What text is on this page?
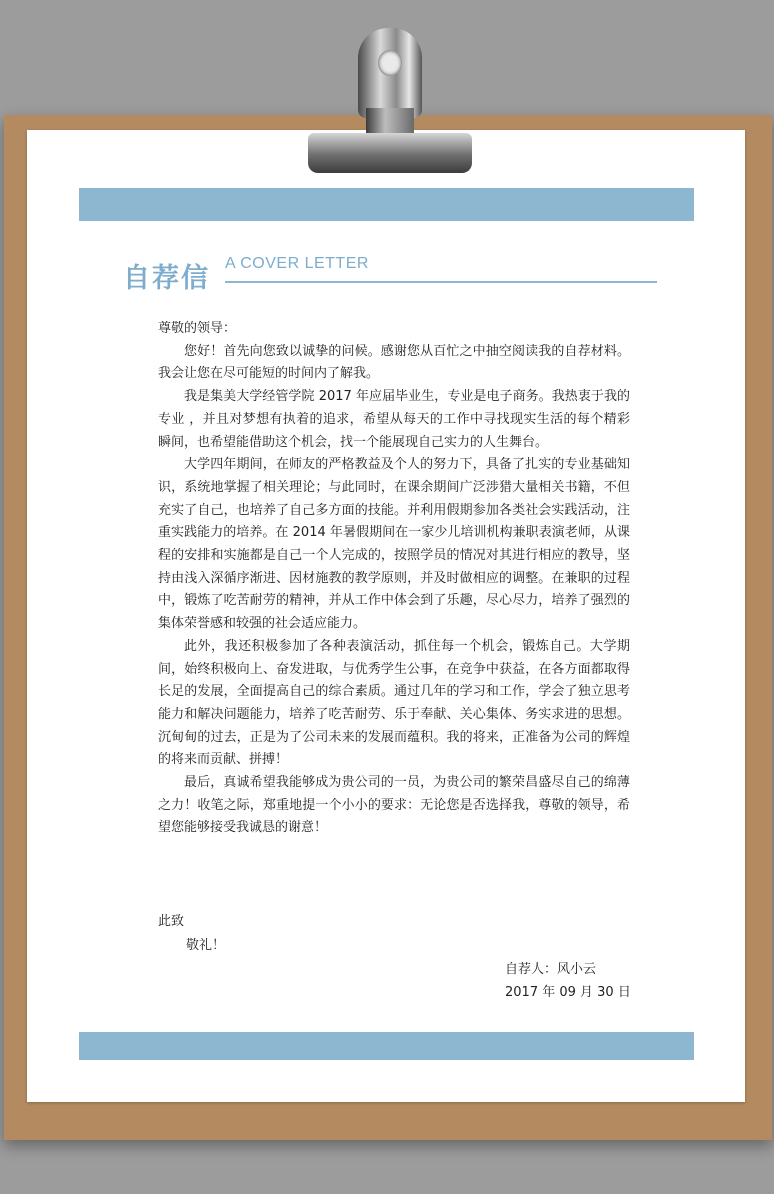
自荐信 A COVER LETTER

尊敬的领导：

您好！首先向您致以诚挚的问候。感谢您从百忙之中抽空阅读我的自荐材料。我会让您在尽可能短的时间内了解我。

我是集美大学经管学院 2017 年应届毕业生，专业是电子商务。我热衷于我的专业 ，并且对梦想有执着的追求，希望从每天的工作中寻找现实生活的每个精彩瞬间，也希望能借助这个机会，找一个能展现自己实力的人生舞台。

大学四年期间，在师友的严格教益及个人的努力下，具备了扎实的专业基础知识，系统地掌握了相关理论；与此同时，在课余期间广泛涉猎大量相关书籍，不但充实了自己，也培养了自己多方面的技能。并利用假期参加各类社会实践活动，注重实践能力的培养。在 2014 年暑假期间在一家少儿培训机构兼职表演老师，从课程的安排和实施都是自己一个人完成的，按照学员的情况对其进行相应的教导，坚持由浅入深循序渐进、因材施教的教学原则，并及时做相应的调整。在兼职的过程中，锻炼了吃苦耐劳的精神，并从工作中体会到了乐趣，尽心尽力，培养了强烈的集体荣誉感和较强的社会适应能力。

此外，我还积极参加了各种表演活动，抓住每一个机会，锻炼自己。大学期间，始终积极向上、奋发进取，与优秀学生公事，在竞争中获益，在各方面都取得长足的发展，全面提高自己的综合素质。通过几年的学习和工作，学会了独立思考能力和解决问题能力，培养了吃苦耐劳、乐于奉献、关心集体、务实求进的思想。沉甸甸的过去，正是为了公司未来的发展而蕴积。我的将来，正准备为公司的辉煌的将来而贡献、拼搏！

最后，真诚希望我能够成为贵公司的一员，为贵公司的繁荣昌盛尽自己的绵薄之力！收笔之际，郑重地提一个小小的要求：无论您是否选择我，尊敬的领导，希望您能够接受我诚恳的谢意！

此致
敬礼！
自荐人：风小云
2017 年 09 月 30 日
